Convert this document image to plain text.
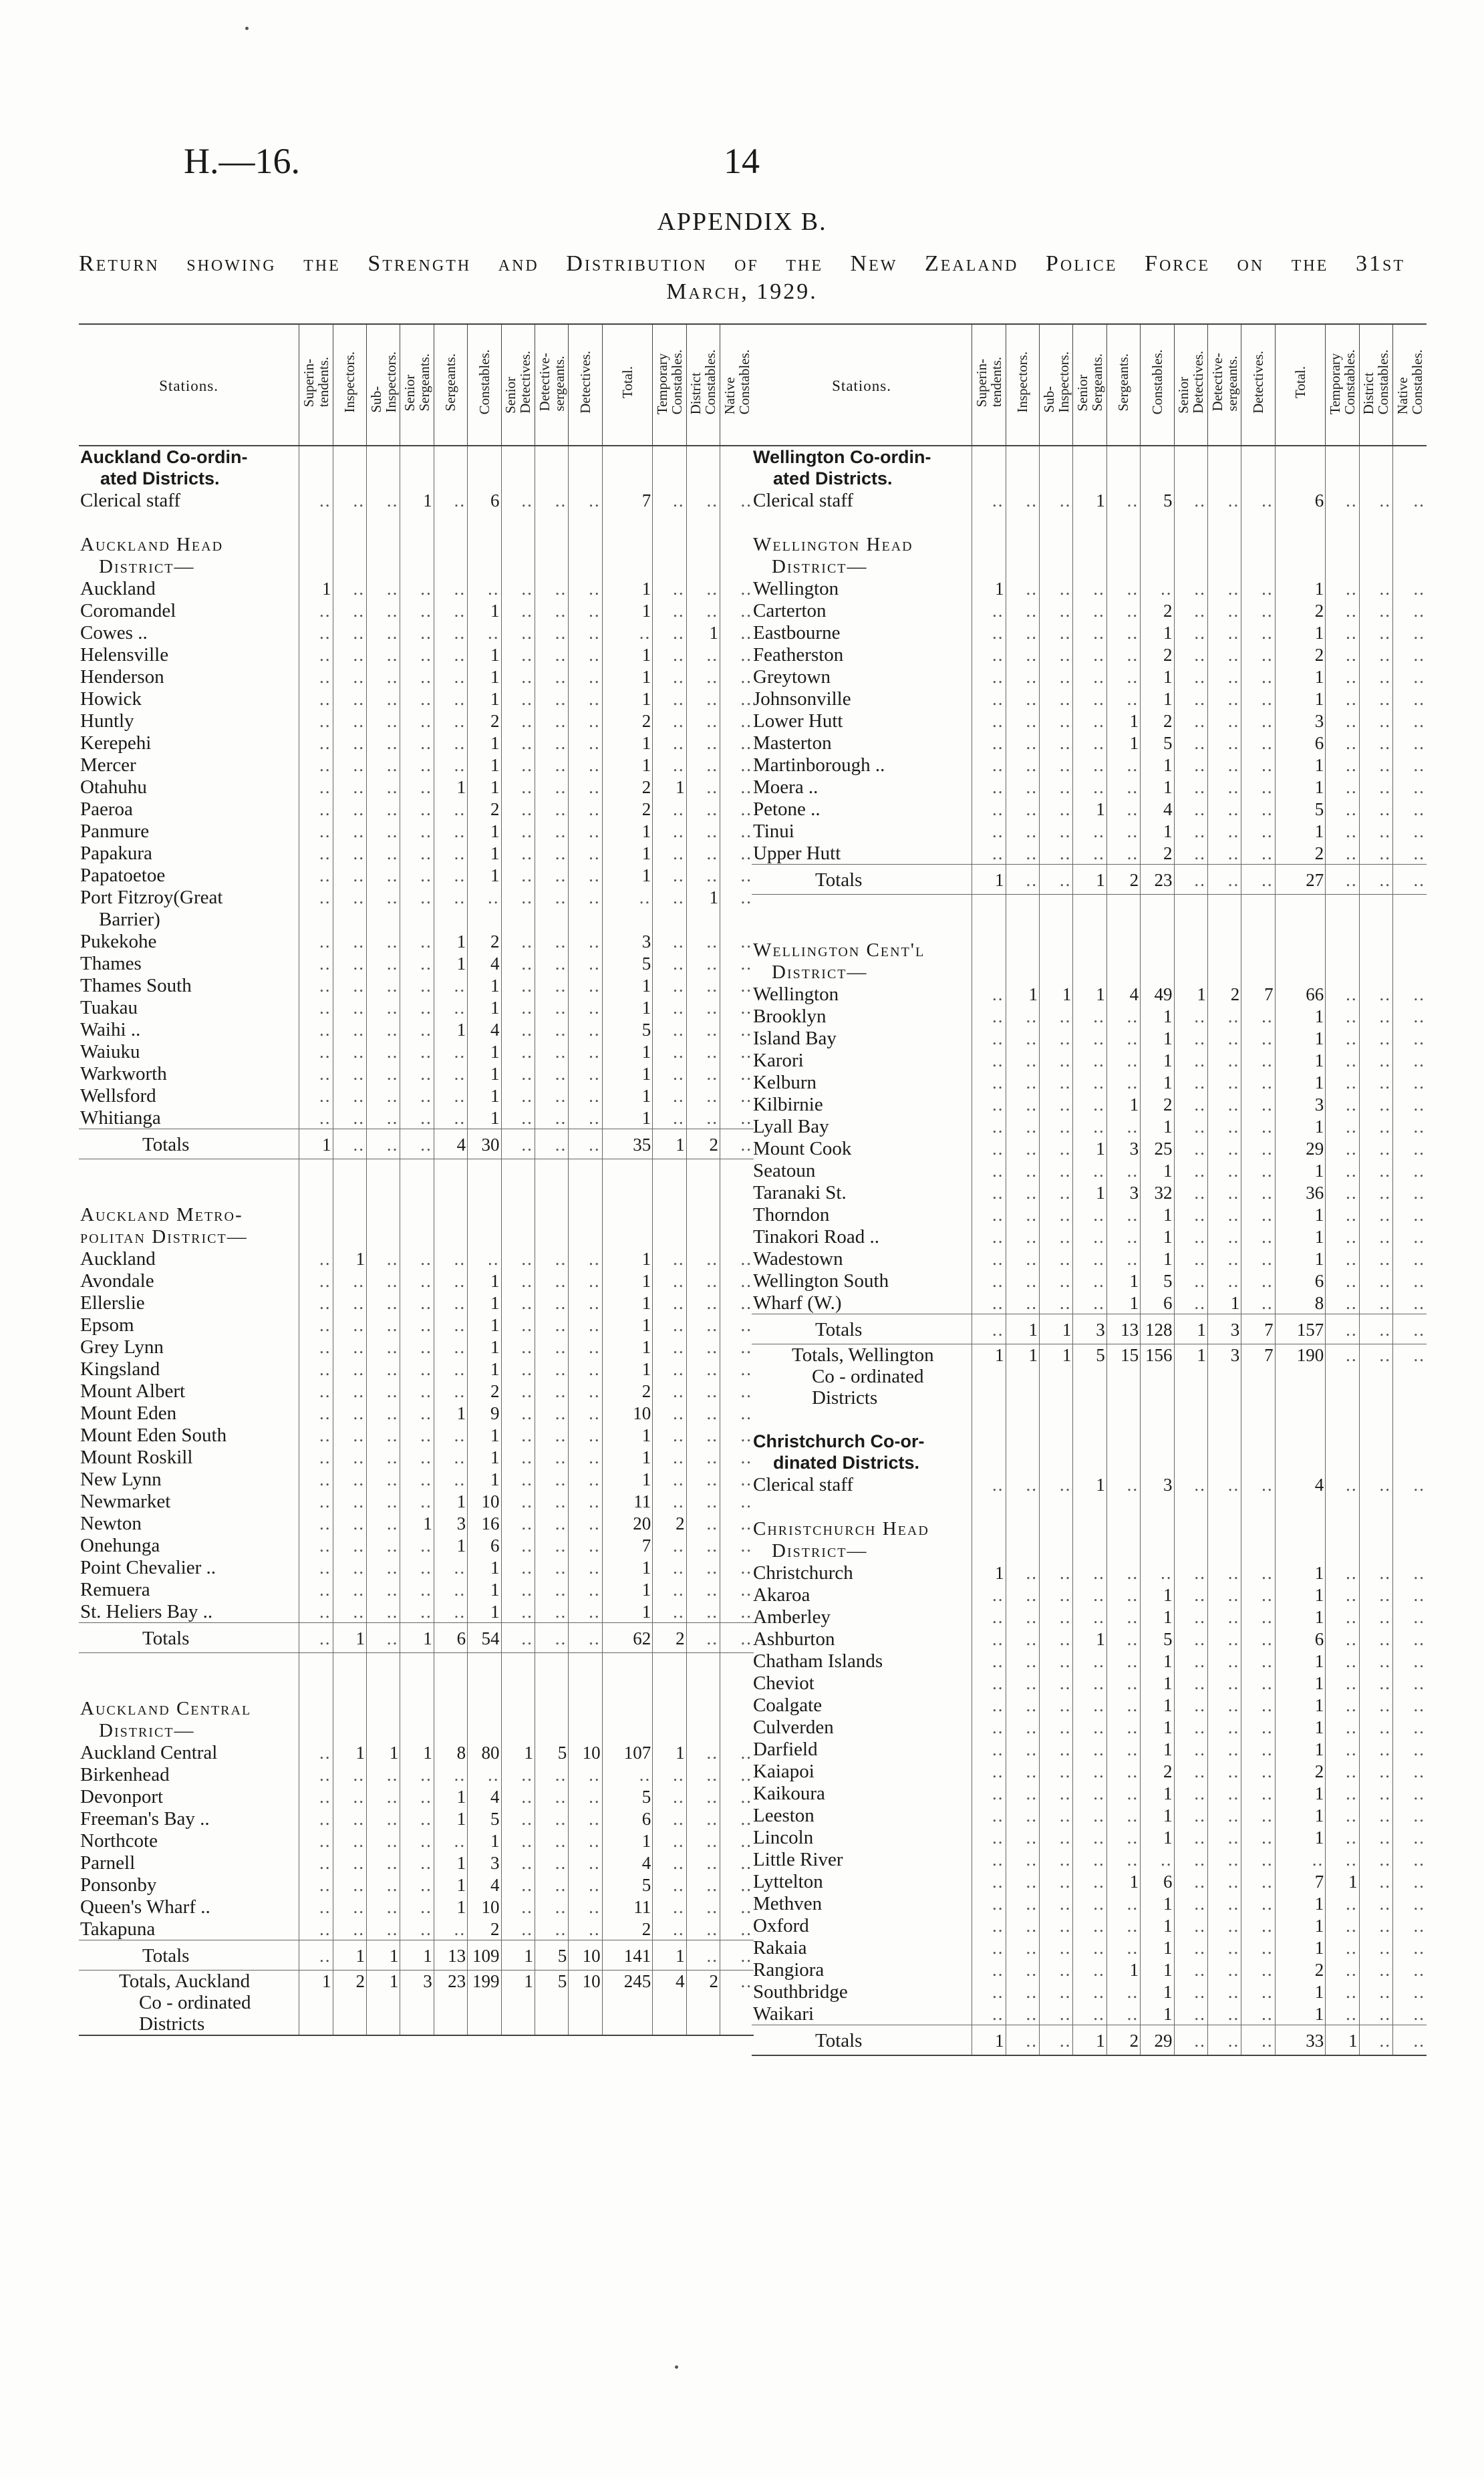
H.—16.	14
APPENDIX B.
Return showing the Strength and Distribution of the New Zealand Police Force on the 31st
March, 1929.
Stations.	Superin-
tendents.	Inspectors.	Sub-
Inspectors.	Senior
Sergeants.	Sergeants.	Constables.	Senior
Detectives.	Detective-
sergeants.	Detectives.	Total.	Temporary
Constables.	District
Constables.	Native
Constables.

Auckland Co-ordin-
ated Districts.													

Clerical staff	..	..	..	1	..	6	..	..	..	7	..	..	..

Auckland Head													
District—													
Auckland	1	..	..	..	..	..	..	..	..	1	..	..	..
Coromandel	..	..	..	..	..	1	..	..	..	1	..	..	..
Cowes ..	..	..	..	..	..	..	..	..	..	..	..	1	..
Helensville	..	..	..	..	..	1	..	..	..	1	..	..	..
Henderson	..	..	..	..	..	1	..	..	..	1	..	..	..
Howick	..	..	..	..	..	1	..	..	..	1	..	..	..
Huntly	..	..	..	..	..	2	..	..	..	2	..	..	..
Kerepehi	..	..	..	..	..	1	..	..	..	1	..	..	..
Mercer	..	..	..	..	..	1	..	..	..	1	..	..	..
Otahuhu	..	..	..	..	1	1	..	..	..	2	1	..	..
Paeroa	..	..	..	..	..	2	..	..	..	2	..	..	..
Panmure	..	..	..	..	..	1	..	..	..	1	..	..	..
Papakura	..	..	..	..	..	1	..	..	..	1	..	..	..
Papatoetoe	..	..	..	..	..	1	..	..	..	1	..	..	..
Port Fitzroy(Great	..	..	..	..	..	..	..	..	..	..	..	1	..
Barrier)													
Pukekohe	..	..	..	..	1	2	..	..	..	3	..	..	..
Thames	..	..	..	..	1	4	..	..	..	5	..	..	..
Thames South	..	..	..	..	..	1	..	..	..	1	..	..	..
Tuakau	..	..	..	..	..	1	..	..	..	1	..	..	..
Waihi ..	..	..	..	..	1	4	..	..	..	5	..	..	..
Waiuku	..	..	..	..	..	1	..	..	..	1	..	..	..
Warkworth	..	..	..	..	..	1	..	..	..	1	..	..	..
Wellsford	..	..	..	..	..	1	..	..	..	1	..	..	..
Whitianga	..	..	..	..	..	1	..	..	..	1	..	..	..
Totals	1	..	..	..	4	30	..	..	..	35	1	2	..

Auckland Metro-													
politan District—													
Auckland	..	1	..	..	..	..	..	..	..	1	..	..	..
Avondale	..	..	..	..	..	1	..	..	..	1	..	..	..
Ellerslie	..	..	..	..	..	1	..	..	..	1	..	..	..
Epsom	..	..	..	..	..	1	..	..	..	1	..	..	..
Grey Lynn	..	..	..	..	..	1	..	..	..	1	..	..	..
Kingsland	..	..	..	..	..	1	..	..	..	1	..	..	..
Mount Albert	..	..	..	..	..	2	..	..	..	2	..	..	..
Mount Eden	..	..	..	..	1	9	..	..	..	10	..	..	..
Mount Eden South	..	..	..	..	..	1	..	..	..	1	..	..	..
Mount Roskill	..	..	..	..	..	1	..	..	..	1	..	..	..
New Lynn	..	..	..	..	..	1	..	..	..	1	..	..	..
Newmarket	..	..	..	..	1	10	..	..	..	11	..	..	..
Newton	..	..	..	1	3	16	..	..	..	20	2	..	..
Onehunga	..	..	..	..	1	6	..	..	..	7	..	..	..
Point Chevalier ..	..	..	..	..	..	1	..	..	..	1	..	..	..
Remuera	..	..	..	..	..	1	..	..	..	1	..	..	..
St. Heliers Bay ..	..	..	..	..	..	1	..	..	..	1	..	..	..
Totals	..	1	..	1	6	54	..	..	..	62	2	..	..

Auckland Central													
District—													
Auckland Central	..	1	1	1	8	80	1	5	10	107	1	..	..
Birkenhead	..	..	..	..	..	..	..	..	..	..	..	..	..
Devonport	..	..	..	..	1	4	..	..	..	5	..	..	..
Freeman's Bay ..	..	..	..	..	1	5	..	..	..	6	..	..	..
Northcote	..	..	..	..	..	1	..	..	..	1	..	..	..
Parnell	..	..	..	..	1	3	..	..	..	4	..	..	..
Ponsonby	..	..	..	..	1	4	..	..	..	5	..	..	..
Queen's Wharf ..	..	..	..	..	1	10	..	..	..	11	..	..	..
Takapuna	..	..	..	..	..	2	..	..	..	2	..	..	..
Totals	..	1	1	1	13	109	1	5	10	141	1	..	..

Totals, Auckland
Co - ordinated
Districts	1	2	1	3	23	199	1	5	10	245	4	2	..

Stations.	Superin-
tendents.	Inspectors.	Sub-
Inspectors.	Senior
Sergeants.	Sergeants.	Constables.	Senior
Detectives.	Detective-
sergeants.	Detectives.	Total.	Temporary
Constables.	District
Constables.	Native
Constables.

Wellington Co-ordin-
ated Districts.													

Clerical staff	..	..	..	1	..	5	..	..	..	6	..	..	..

Wellington Head													
District—													
Wellington	1	..	..	..	..	..	..	..	..	1	..	..	..
Carterton	..	..	..	..	..	2	..	..	..	2	..	..	..
Eastbourne	..	..	..	..	..	1	..	..	..	1	..	..	..
Featherston	..	..	..	..	..	2	..	..	..	2	..	..	..
Greytown	..	..	..	..	..	1	..	..	..	1	..	..	..
Johnsonville	..	..	..	..	..	1	..	..	..	1	..	..	..
Lower Hutt	..	..	..	..	1	2	..	..	..	3	..	..	..
Masterton	..	..	..	..	1	5	..	..	..	6	..	..	..
Martinborough ..	..	..	..	..	..	1	..	..	..	1	..	..	..
Moera ..	..	..	..	..	..	1	..	..	..	1	..	..	..
Petone ..	..	..	..	1	..	4	..	..	..	5	..	..	..
Tinui	..	..	..	..	..	1	..	..	..	1	..	..	..
Upper Hutt	..	..	..	..	..	2	..	..	..	2	..	..	..
Totals	1	..	..	1	2	23	..	..	..	27	..	..	..

Wellington Cent'l													
District—													
Wellington	..	1	1	1	4	49	1	2	7	66	..	..	..
Brooklyn	..	..	..	..	..	1	..	..	..	1	..	..	..
Island Bay	..	..	..	..	..	1	..	..	..	1	..	..	..
Karori	..	..	..	..	..	1	..	..	..	1	..	..	..
Kelburn	..	..	..	..	..	1	..	..	..	1	..	..	..
Kilbirnie	..	..	..	..	1	2	..	..	..	3	..	..	..
Lyall Bay	..	..	..	..	..	1	..	..	..	1	..	..	..
Mount Cook	..	..	..	1	3	25	..	..	..	29	..	..	..
Seatoun	..	..	..	..	..	1	..	..	..	1	..	..	..
Taranaki St.	..	..	..	1	3	32	..	..	..	36	..	..	..
Thorndon	..	..	..	..	..	1	..	..	..	1	..	..	..
Tinakori Road ..	..	..	..	..	..	1	..	..	..	1	..	..	..
Wadestown	..	..	..	..	..	1	..	..	..	1	..	..	..
Wellington South	..	..	..	..	1	5	..	..	..	6	..	..	..
Wharf (W.)	..	..	..	..	1	6	..	1	..	8	..	..	..
Totals	..	1	1	3	13	128	1	3	7	157	..	..	..

Totals, Wellington
Co - ordinated
Districts	1	1	1	5	15	156	1	3	7	190	..	..	..

Christchurch Co-or-
dinated Districts.													

Clerical staff	..	..	..	1	..	3	..	..	..	4	..	..	..

Christchurch Head													
District—													
Christchurch	1	..	..	..	..	..	..	..	..	1	..	..	..
Akaroa	..	..	..	..	..	1	..	..	..	1	..	..	..
Amberley	..	..	..	..	..	1	..	..	..	1	..	..	..
Ashburton	..	..	..	1	..	5	..	..	..	6	..	..	..
Chatham Islands	..	..	..	..	..	1	..	..	..	1	..	..	..
Cheviot	..	..	..	..	..	1	..	..	..	1	..	..	..
Coalgate	..	..	..	..	..	1	..	..	..	1	..	..	..
Culverden	..	..	..	..	..	1	..	..	..	1	..	..	..
Darfield	..	..	..	..	..	1	..	..	..	1	..	..	..
Kaiapoi	..	..	..	..	..	2	..	..	..	2	..	..	..
Kaikoura	..	..	..	..	..	1	..	..	..	1	..	..	..
Leeston	..	..	..	..	..	1	..	..	..	1	..	..	..
Lincoln	..	..	..	..	..	1	..	..	..	1	..	..	..
Little River	..	..	..	..	..	..	..	..	..	..	..	..	..
Lyttelton	..	..	..	..	1	6	..	..	..	7	1	..	..
Methven	..	..	..	..	..	1	..	..	..	1	..	..	..
Oxford	..	..	..	..	..	1	..	..	..	1	..	..	..
Rakaia	..	..	..	..	..	1	..	..	..	1	..	..	..
Rangiora	..	..	..	..	1	1	..	..	..	2	..	..	..
Southbridge	..	..	..	..	..	1	..	..	..	1	..	..	..
Waikari	..	..	..	..	..	1	..	..	..	1	..	..	..
Totals	1	..	..	1	2	29	..	..	..	33	1	..	..
